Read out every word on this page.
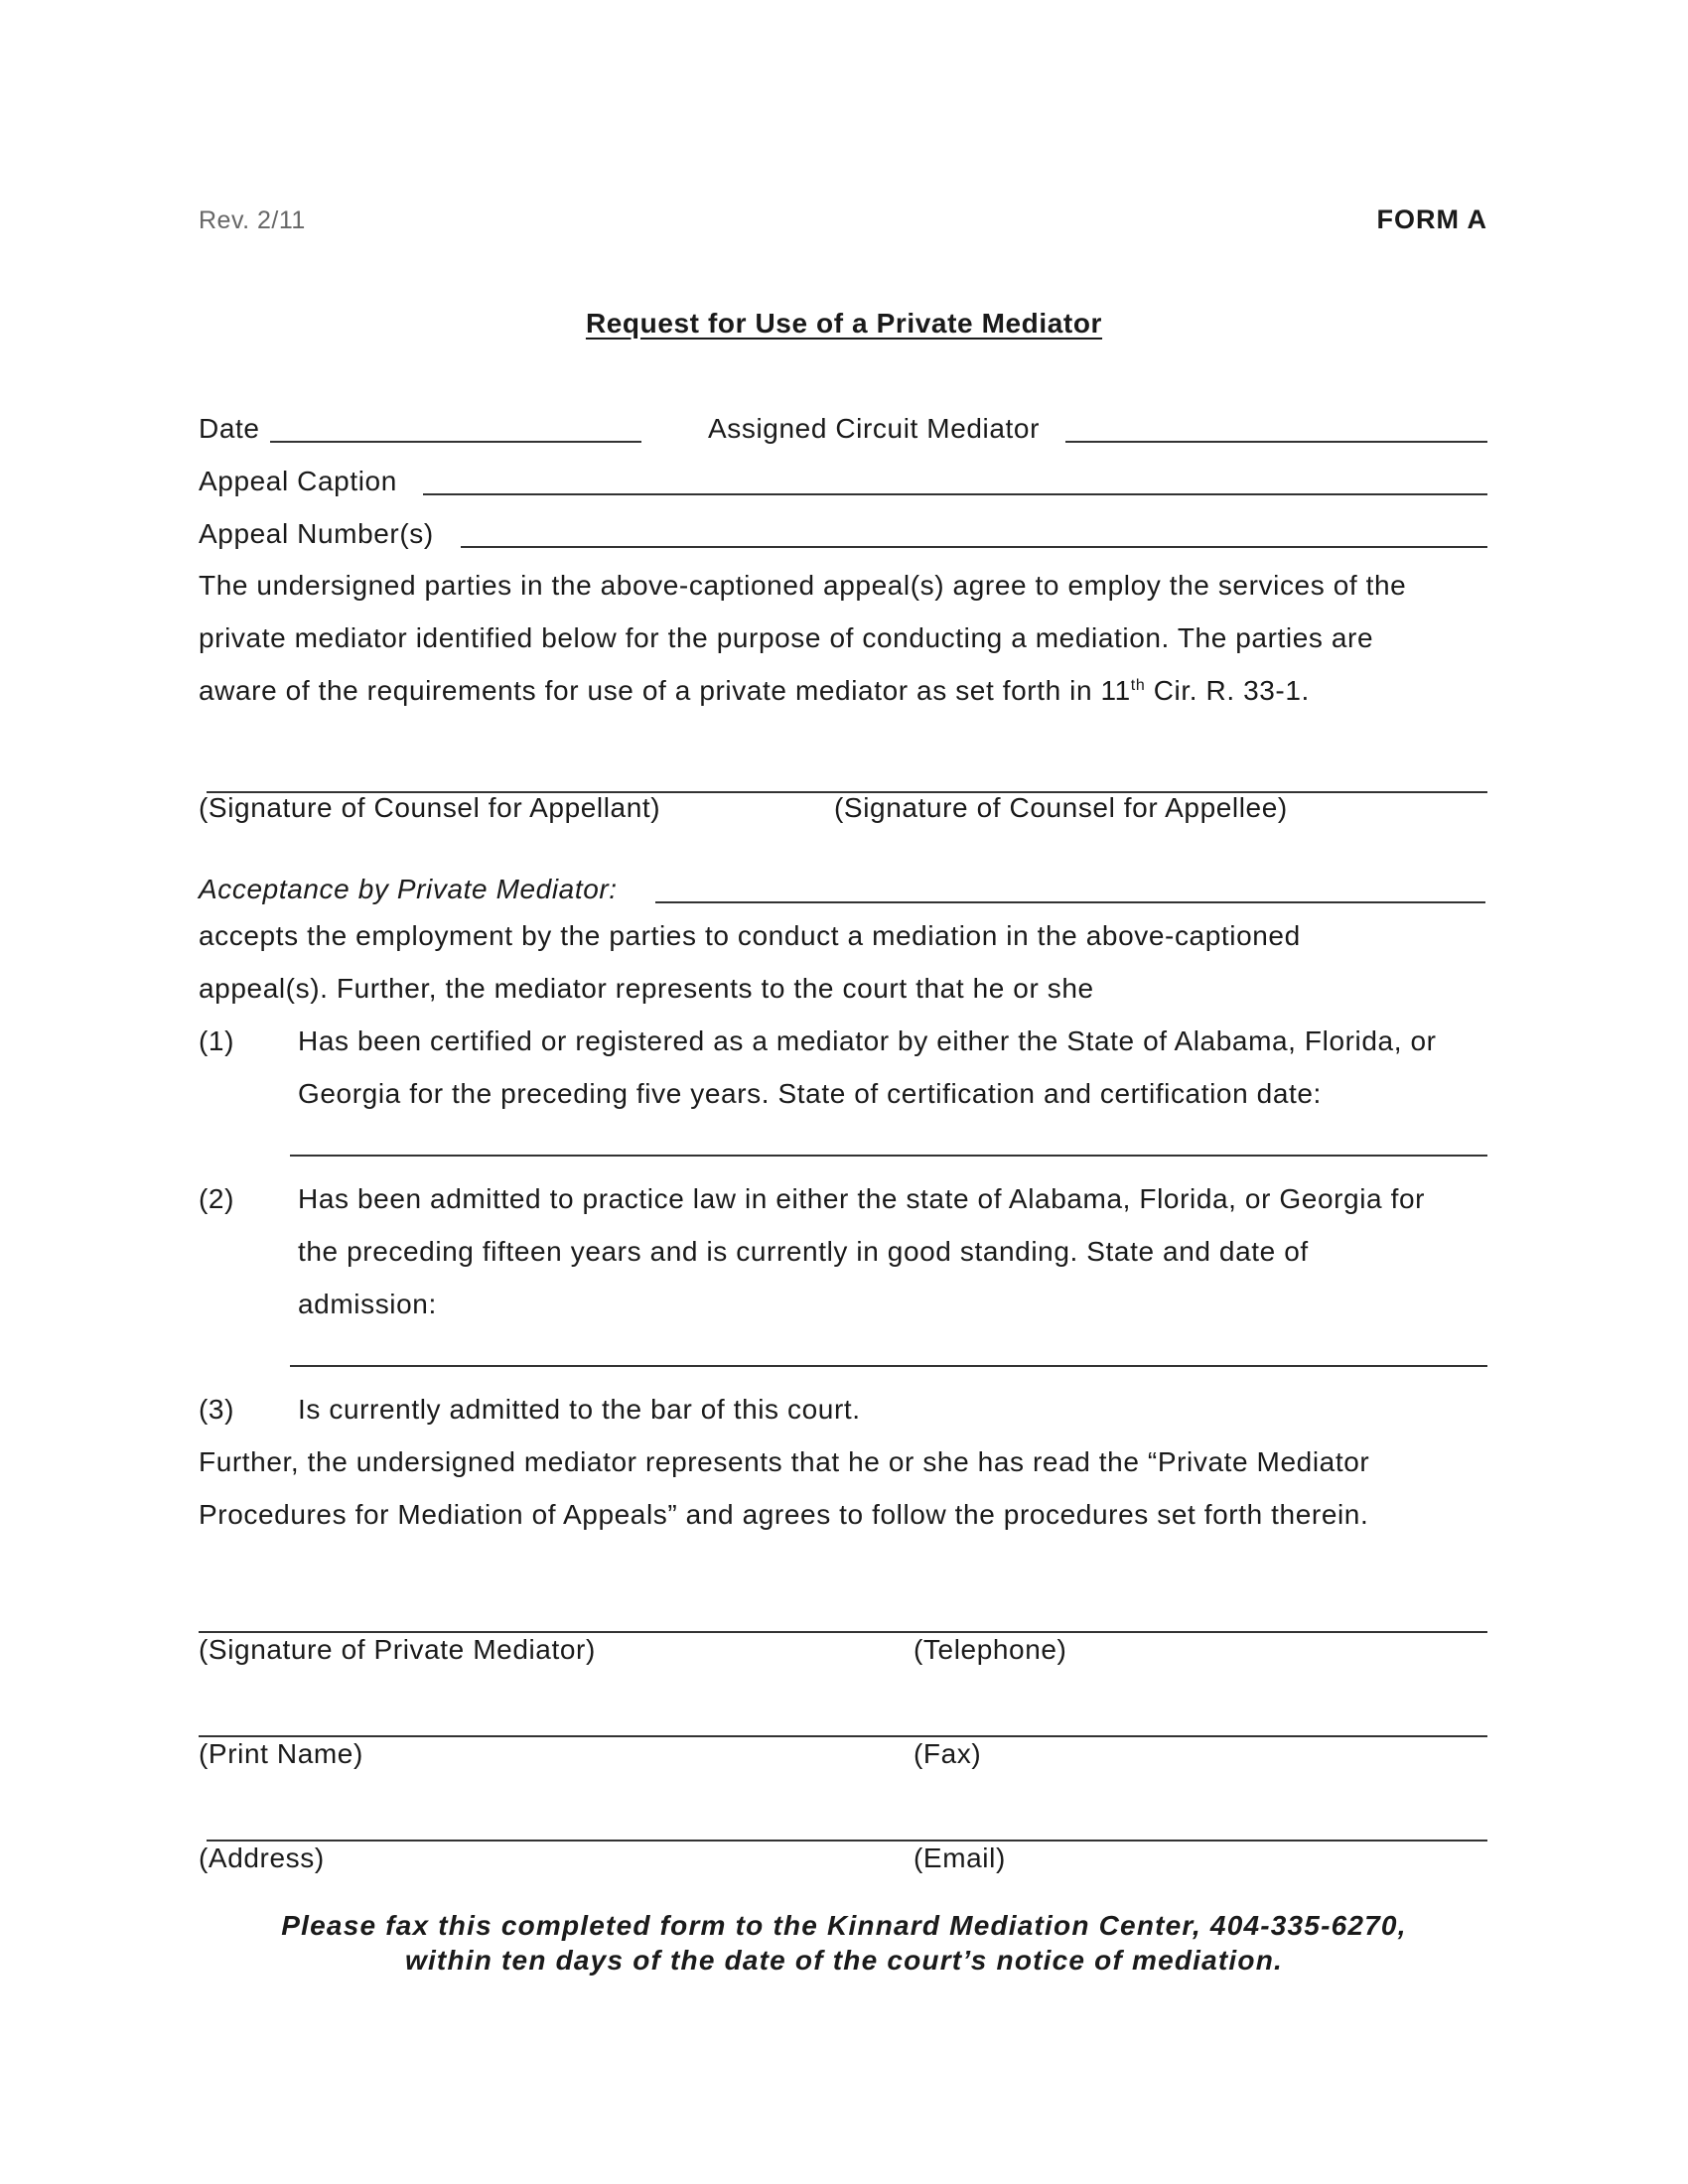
Rev. 2/11	FORM A
Request for Use of a Private Mediator
Date	Assigned Circuit Mediator
Appeal Caption
Appeal Number(s)
The undersigned parties in the above-captioned appeal(s) agree to employ the services of the
private mediator identified below for the purpose of conducting a mediation. The parties are
aware of the requirements for use of a private mediator as set forth in 11th Cir. R. 33-1.
(Signature of Counsel for Appellant)	(Signature of Counsel for Appellee)
Acceptance by Private Mediator:
accepts the employment by the parties to conduct a mediation in the above-captioned
appeal(s). Further, the mediator represents to the court that he or she
(1) Has been certified or registered as a mediator by either the State of Alabama, Florida, or
Georgia for the preceding five years. State of certification and certification date:
(2) Has been admitted to practice law in either the state of Alabama, Florida, or Georgia for
the preceding fifteen years and is currently in good standing. State and date of
admission:
(3) Is currently admitted to the bar of this court.
Further, the undersigned mediator represents that he or she has read the “Private Mediator
Procedures for Mediation of Appeals” and agrees to follow the procedures set forth therein.
(Signature of Private Mediator)	(Telephone)
(Print Name)	(Fax)
(Address)	(Email)
Please fax this completed form to the Kinnard Mediation Center, 404-335-6270,
within ten days of the date of the court’s notice of mediation.
